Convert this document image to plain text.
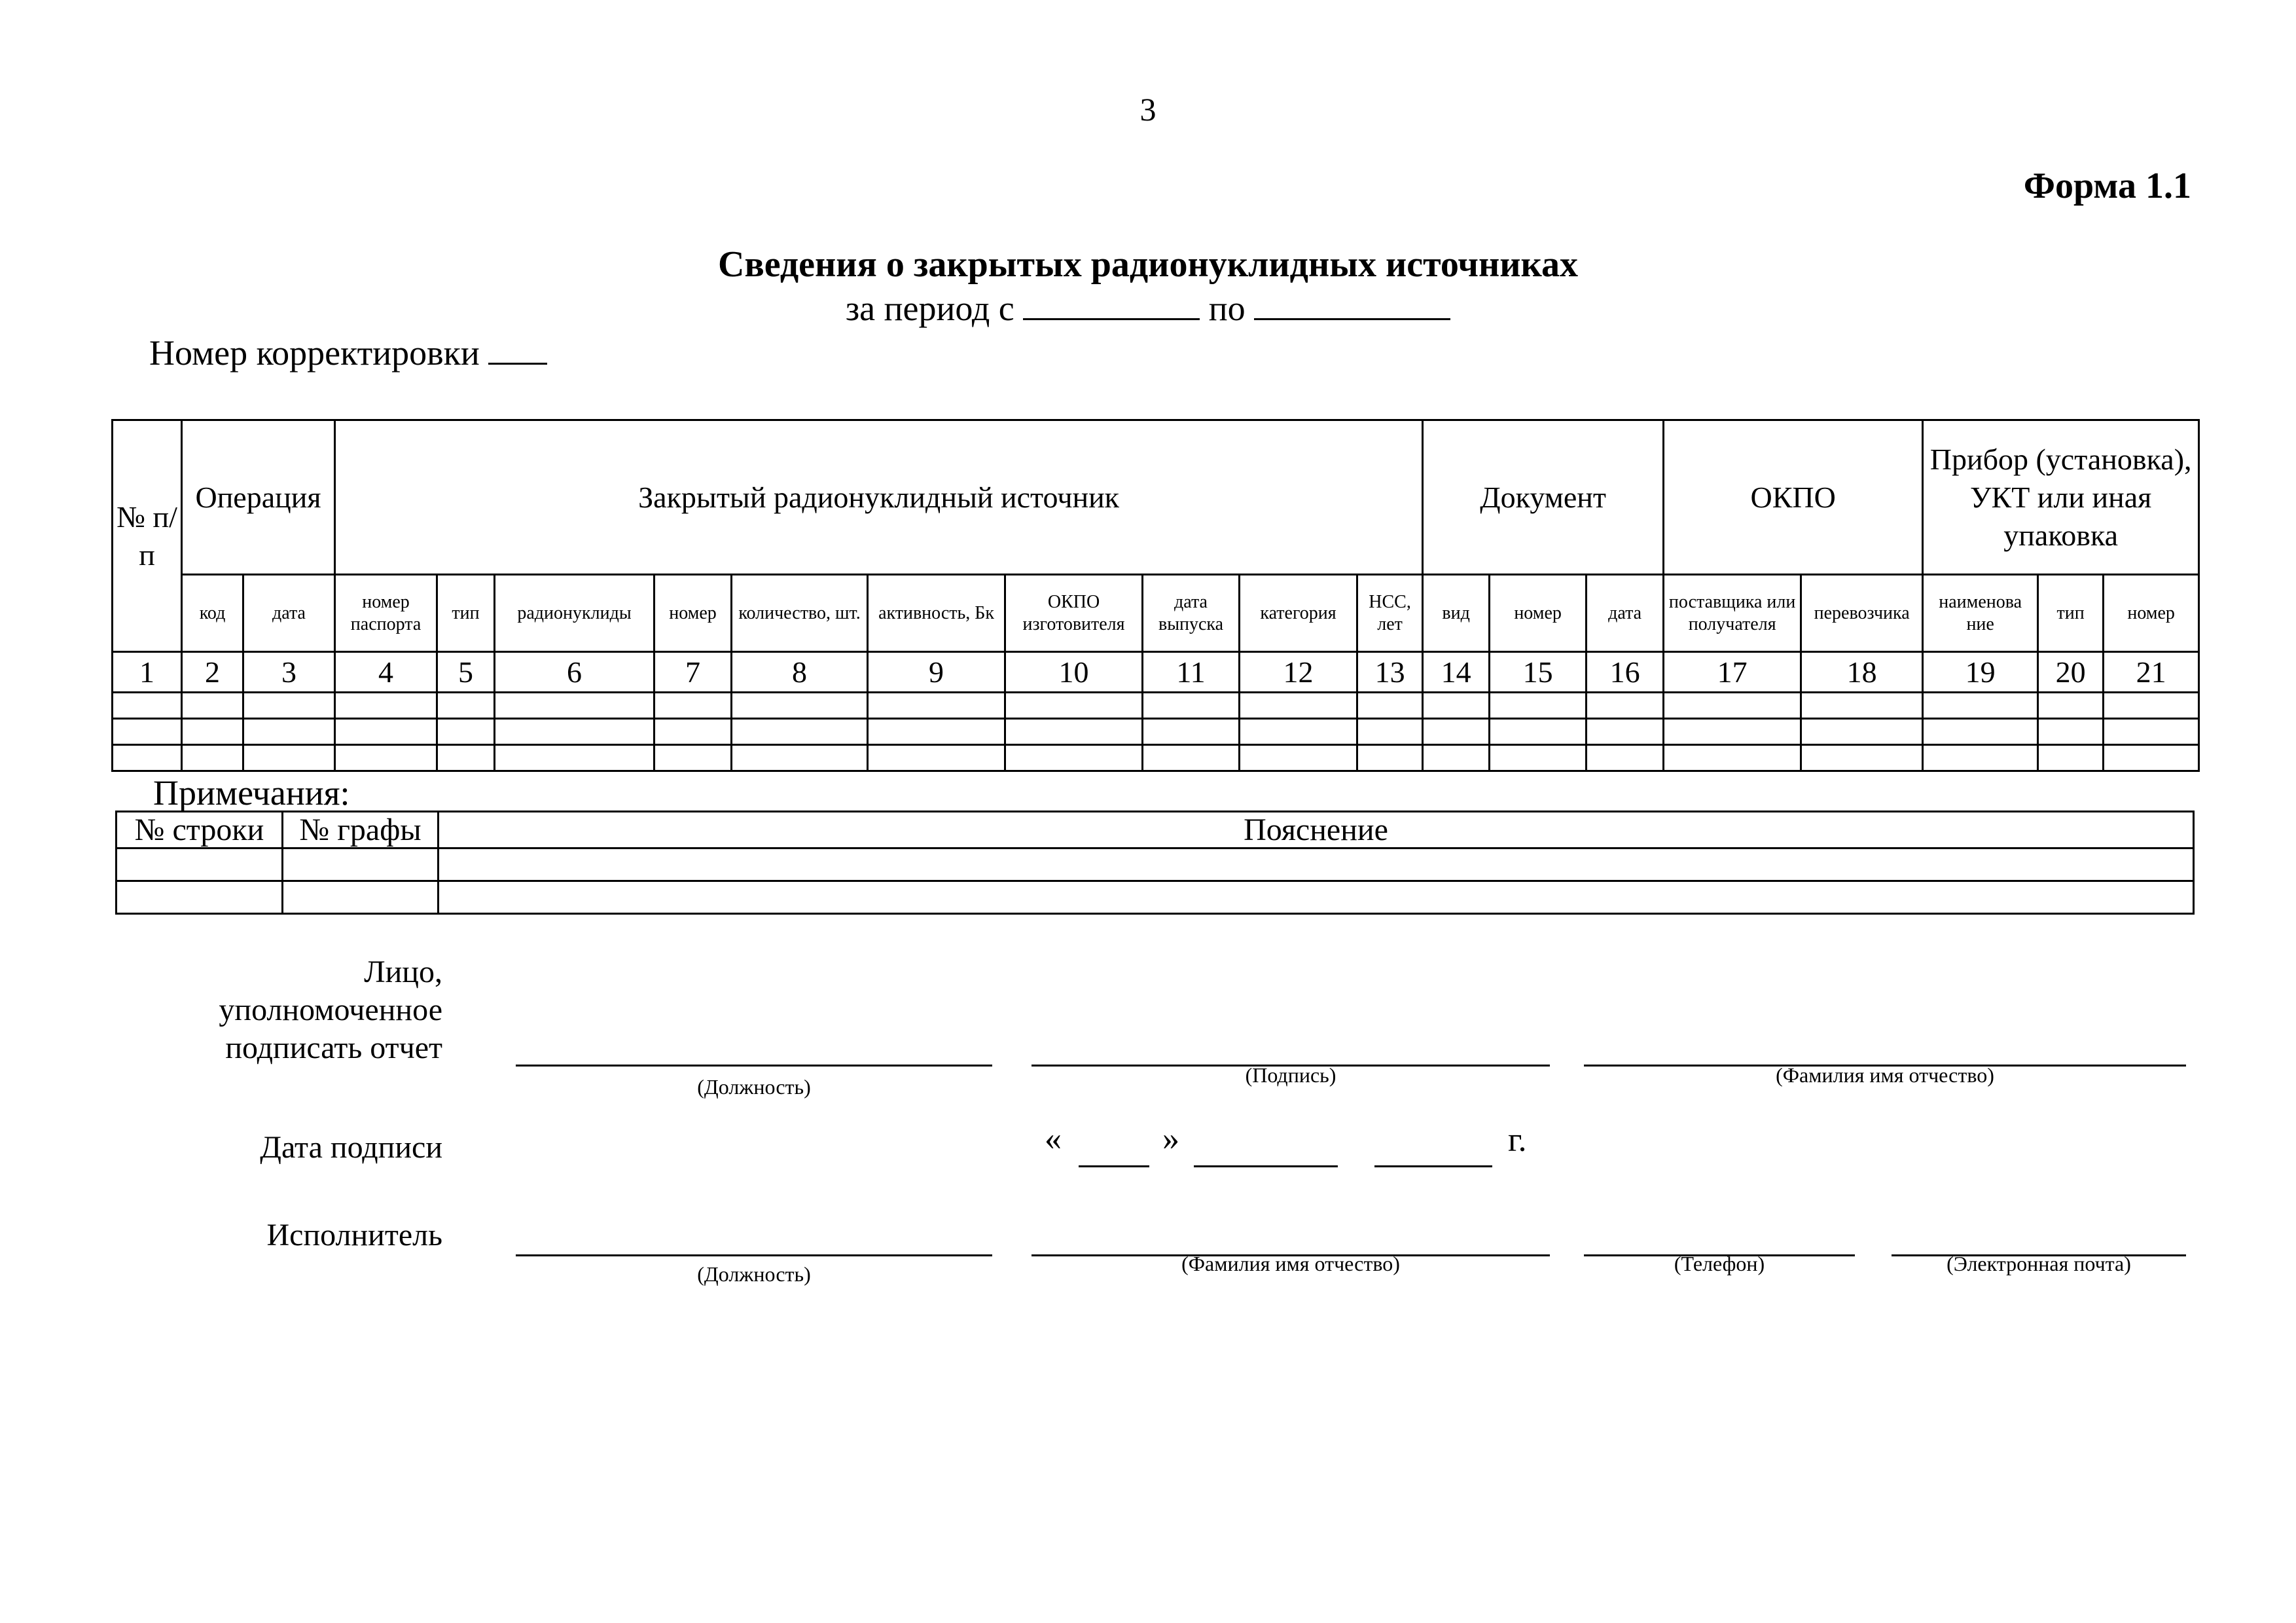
3
Форма 1.1
Сведения о закрытых радионуклидных источниках
за период с	по
Номер корректировки
№ п/п	Операция		Закрытый радионуклидный источник										Документ			ОКПО		Прибор (установка), УКТ или иная упаковка		
	код	дата	номер паспорта	тип	радионуклиды	номер	количество, шт.	активность, Бк	ОКПО изготовителя	дата выпуска	категория	НСС, лет	вид	номер	дата	поставщика или получателя	перевозчика	наименова ние	тип	номер
1	2	3	4	5	6	7	8	9	10	11	12	13	14	15	16	17	18	19	20	21

Примечания:
№ строки	№ графы	Пояснение

Лицо, уполномоченное подписать отчет
(Должность)	(Подпись)	(Фамилия имя отчество)
Дата подписи	«	»	г.
Исполнитель
(Должность)	(Фамилия имя отчество)	(Телефон)	(Электронная почта)
